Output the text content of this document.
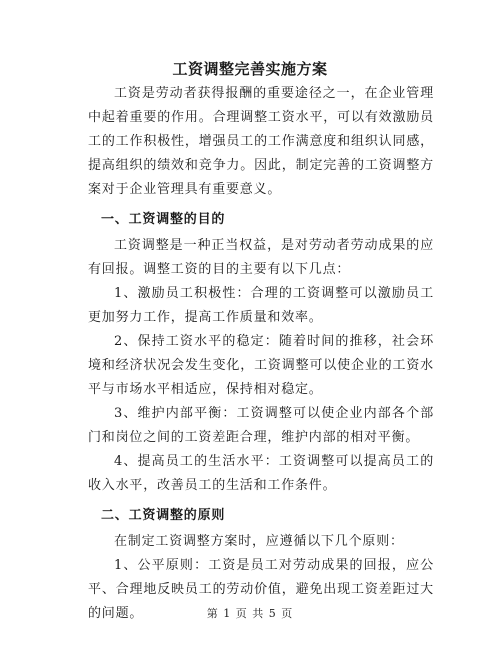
工资调整完善实施方案

工资是劳动者获得报酬的重要途径之一，在企业管理中起着重要的作用。合理调整工资水平，可以有效激励员工的工作积极性，增强员工的工作满意度和组织认同感，提高组织的绩效和竞争力。因此，制定完善的工资调整方案对于企业管理具有重要意义。

一、工资调整的目的

工资调整是一种正当权益，是对劳动者劳动成果的应有回报。调整工资的目的主要有以下几点：

1、激励员工积极性：合理的工资调整可以激励员工更加努力工作，提高工作质量和效率。

2、保持工资水平的稳定：随着时间的推移，社会环境和经济状况会发生变化，工资调整可以使企业的工资水平与市场水平相适应，保持相对稳定。

3、维护内部平衡：工资调整可以使企业内部各个部门和岗位之间的工资差距合理，维护内部的相对平衡。

4、提高员工的生活水平：工资调整可以提高员工的收入水平，改善员工的生活和工作条件。

二、工资调整的原则

在制定工资调整方案时，应遵循以下几个原则：

1、公平原则：工资是员工对劳动成果的回报，应公平、合理地反映员工的劳动价值，避免出现工资差距过大的问题。	第 1 页 共 5 页
